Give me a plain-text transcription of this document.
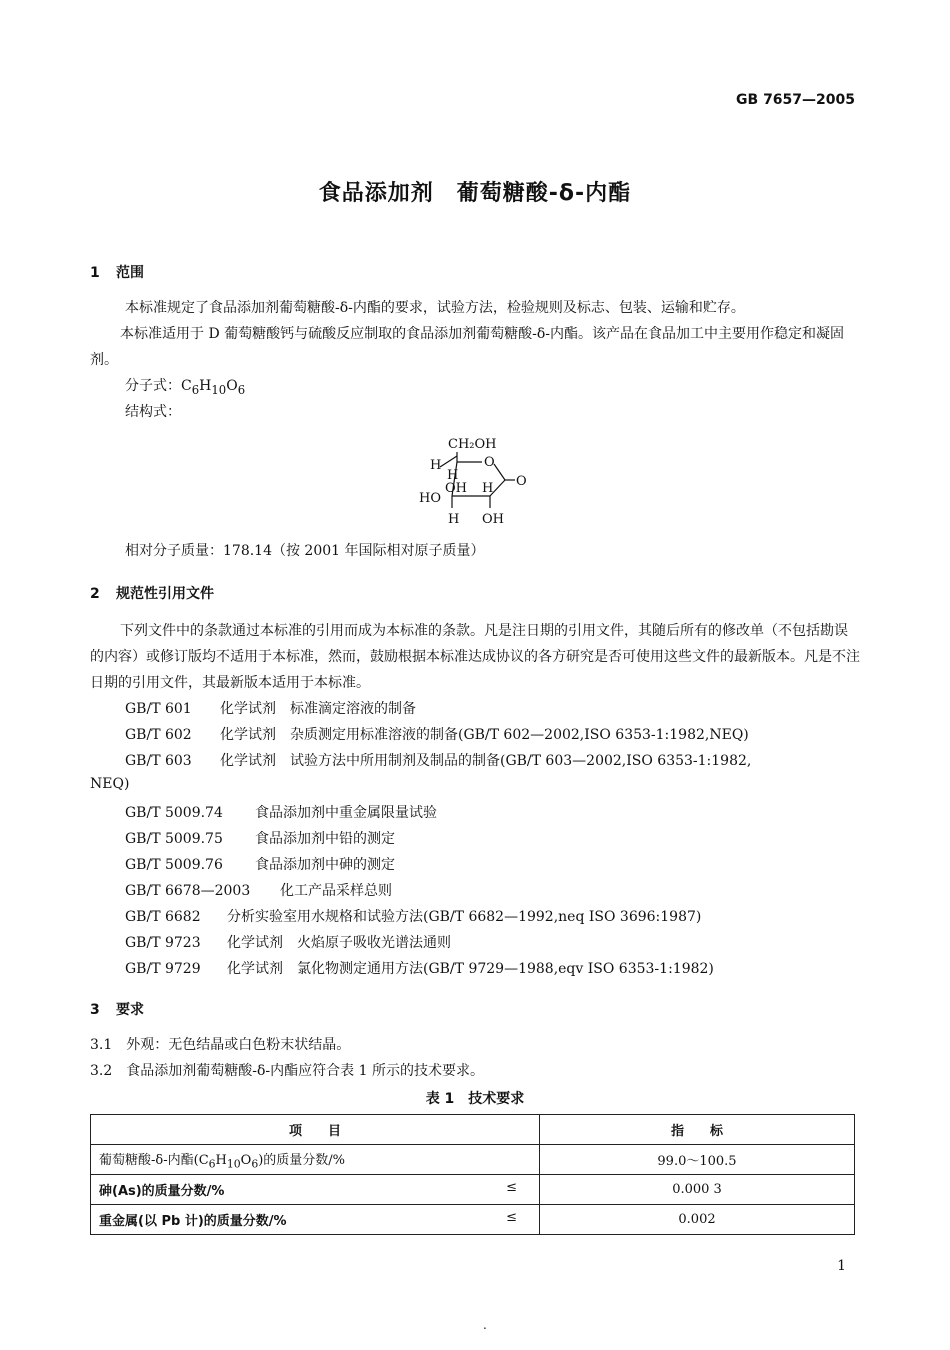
GB 7657—2005
食品添加剂　葡萄糖酸-δ-内酯
1 范围
本标准规定了食品添加剂葡萄糖酸-δ-内酯的要求，试验方法，检验规则及标志、包装、运输和贮存。
本标准适用于 D 葡萄糖酸钙与硫酸反应制取的食品添加剂葡萄糖酸-δ-内酯。该产品在食品加工中主要用作稳定和凝固剂。
分子式：$C_6H_{10}O_6$
结构式：
CH₂OH
O
O
H
H
OH H
HO
H OH
相对分子质量：178.14（按 2001 年国际相对原子质量）
2 规范性引用文件
下列文件中的条款通过本标准的引用而成为本标准的条款。凡是注日期的引用文件，其随后所有的修改单（不包括勘误的内容）或修订版均不适用于本标准，然而，鼓励根据本标准达成协议的各方研究是否可使用这些文件的最新版本。凡是不注日期的引用文件，其最新版本适用于本标准。
GB/T 601 化学试剂　标准滴定溶液的制备
GB/T 602 化学试剂　杂质测定用标准溶液的制备(GB/T 602—2002,ISO 6353-1:1982,NEQ)
GB/T 603 化学试剂　试验方法中所用制剂及制品的制备(GB/T 603—2002,ISO 6353-1:1982,
NEQ)
GB/T 5009.74 食品添加剂中重金属限量试验
GB/T 5009.75 食品添加剂中铅的测定
GB/T 5009.76 食品添加剂中砷的测定
GB/T 6678—2003 化工产品采样总则
GB/T 6682 分析实验室用水规格和试验方法(GB/T 6682—1992,neq ISO 3696:1987)
GB/T 9723 化学试剂　火焰原子吸收光谱法通则
GB/T 9729 化学试剂　氯化物测定通用方法(GB/T 9729—1988,eqv ISO 6353-1:1982)
3 要求
3.1　外观：无色结晶或白色粉末状结晶。
3.2　食品添加剂葡萄糖酸-δ-内酯应符合表 1 所示的技术要求。
表 1　技术要求
项　　目	指　　标
葡萄糖酸-δ-内酯$(C_6H_{10}O_6)$的质量分数/%	99.0～100.5
砷(As)的质量分数/% ≤	0.000 3
重金属(以 Pb 计)的质量分数/% ≤	0.002
1
.
